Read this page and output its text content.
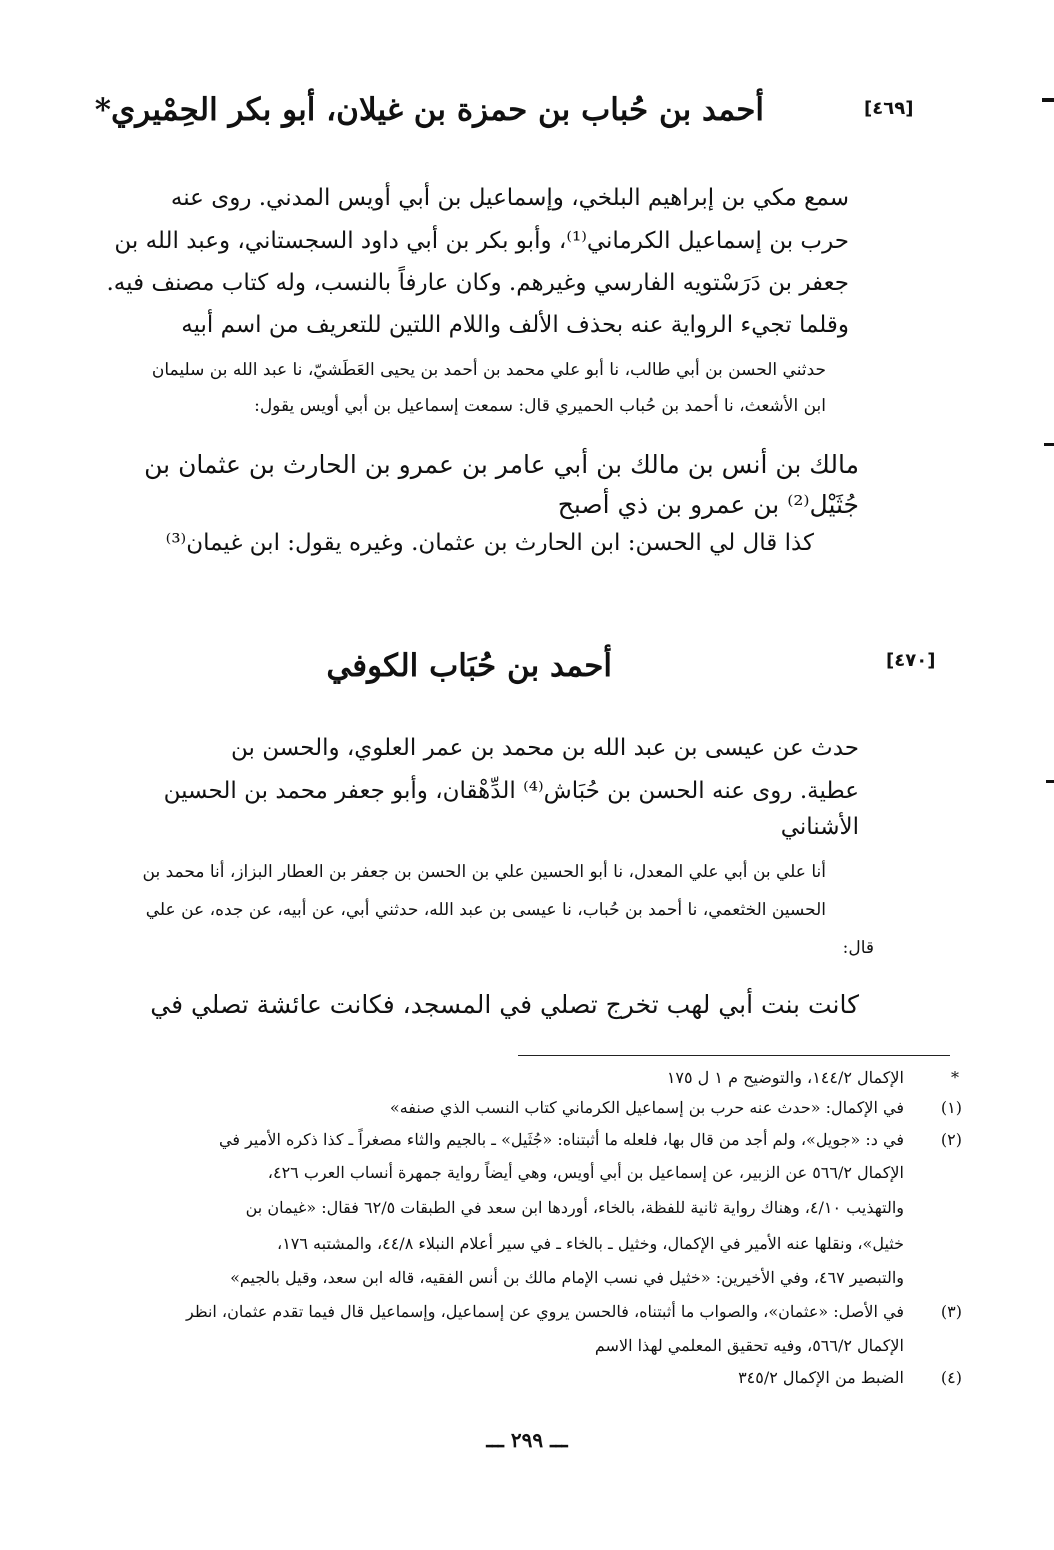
[٤٦٩]
أحمد بن حُباب بن حمزة بن غيلان، أبو بكر الحِمْيري*
سمع مكي بن إبراهيم البلخي، وإسماعيل بن أبي أويس المدني. روى عنه
حرب بن إسماعيل الكرماني⁽¹⁾، وأبو بكر بن أبي داود السجستاني، وعبد الله بن
جعفر بن دَرَسْتويه الفارسي وغيرهم. وكان عارفاً بالنسب، وله كتاب مصنف فيه.
وقلما تجيء الرواية عنه بحذف الألف واللام اللتين للتعريف من اسم أبيه
حدثني الحسن بن أبي طالب، نا أبو علي محمد بن أحمد بن يحيى العَطَشيّ، نا عبد الله بن سليمان
ابن الأشعث، نا أحمد بن حُباب الحميري قال: سمعت إسماعيل بن أبي أويس يقول:
مالك بن أنس بن مالك بن أبي عامر بن عمرو بن الحارث بن عثمان بن
جُثَيْل⁽²⁾ بن عمرو بن ذي أصبح
كذا قال لي الحسن: ابن الحارث بن عثمان. وغيره يقول: ابن غيمان⁽³⁾
[٤٧٠]
أحمد بن حُبَاب الكوفي
حدث عن عيسى بن عبد الله بن محمد بن عمر العلوي، والحسن بن
عطية. روى عنه الحسن بن حُبَاش⁽⁴⁾ الدِّهْقان، وأبو جعفر محمد بن الحسين
الأشناني
أنا علي بن أبي علي المعدل، نا أبو الحسين علي بن الحسن بن جعفر بن العطار البزاز، أنا محمد بن
الحسين الخثعمي، نا أحمد بن حُباب، نا عيسى بن عبد الله، حدثني أبي، عن أبيه، عن جده، عن علي
قال:
كانت بنت أبي لهب تخرج تصلي في المسجد، فكانت عائشة تصلي في
*
الإكمال ١٤٤/٢، والتوضيح م ١ ل ١٧٥
(١)
في الإكمال: «حدث عنه حرب بن إسماعيل الكرماني كتاب النسب الذي صنفه»
(٢)
في د: «جويل»، ولم أجد من قال بها، فلعله ما أثبتناه: «جُثَيل» ـ بالجيم والثاء مصغراً ـ كذا ذكره الأمير في
الإكمال ٥٦٦/٢ عن الزبير، عن إسماعيل بن أبي أويس، وهي أيضاً رواية جمهرة أنساب العرب ٤٢٦،
والتهذيب ٤/١٠، وهناك رواية ثانية للفظة، بالخاء، أوردها ابن سعد في الطبقات ٦٢/٥ فقال: «غيمان بن
خثيل»، ونقلها عنه الأمير في الإكمال، وخثيل ـ بالخاء ـ في سير أعلام النبلاء ٤٤/٨، والمشتبه ١٧٦،
والتبصير ٤٦٧، وفي الأخيرين: «خثيل في نسب الإمام مالك بن أنس الفقيه، قاله ابن سعد، وقيل بالجيم»
(٣)
في الأصل: «عثمان»، والصواب ما أثبتناه، فالحسن يروي عن إسماعيل، وإسماعيل قال فيما تقدم عثمان، انظر
الإكمال ٥٦٦/٢، وفيه تحقيق المعلمي لهذا الاسم
(٤)
الضبط من الإكمال ٣٤٥/٢
ـــ ٢٩٩ ـــ
